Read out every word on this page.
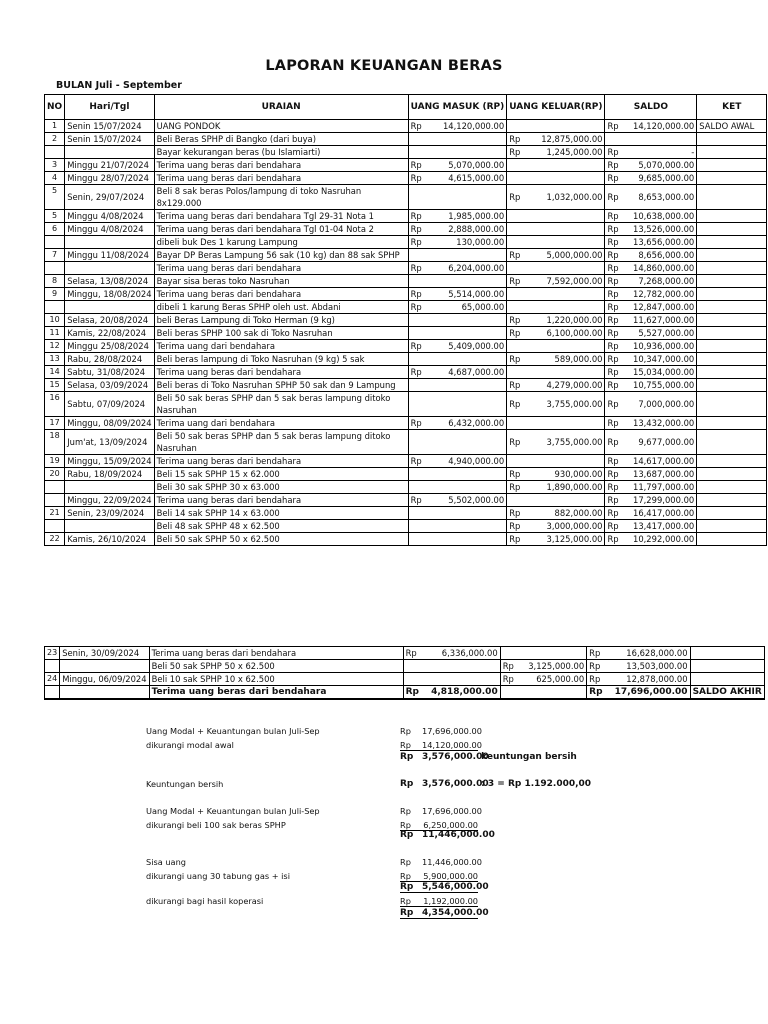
LAPORAN KEUANGAN BERAS
BULAN Juli - September
NO	Hari/Tgl	URAIAN	UANG MASUK (RP)		UANG KELUAR(RP)		SALDO		KET
1	Senin 15/07/2024	UANG PONDOK	Rp	14,120,000.00			Rp	14,120,000.00	SALDO AWAL
2	Senin 15/07/2024	Beli Beras SPHP di Bangko (dari buya)			Rp	12,875,000.00			
		Bayar kekurangan beras (bu Islamiarti)			Rp	1,245,000.00	Rp	-	
3	Minggu 21/07/2024	Terima uang beras dari bendahara	Rp	5,070,000.00			Rp	5,070,000.00	
4	Minggu 28/07/2024	Terima uang beras dari bendahara	Rp	4,615,000.00			Rp	9,685,000.00	
5	Senin, 29/07/2024	Beli 8 sak beras Polos/lampung di toko Nasruhan 8x129.000			Rp	1,032,000.00	Rp	8,653,000.00	
5	Minggu 4/08/2024	Terima uang beras dari bendahara Tgl 29-31 Nota 1	Rp	1,985,000.00			Rp	10,638,000.00	
6	Minggu 4/08/2024	Terima uang beras dari bendahara Tgl 01-04 Nota 2	Rp	2,888,000.00			Rp	13,526,000.00	
		dibeli buk Des 1 karung Lampung	Rp	130,000.00			Rp	13,656,000.00	
7	Minggu 11/08/2024	Bayar DP Beras Lampung 56 sak (10 kg) dan 88 sak SPHP			Rp	5,000,000.00	Rp	8,656,000.00	
		Terima uang beras dari bendahara	Rp	6,204,000.00			Rp	14,860,000.00	
8	Selasa, 13/08/2024	Bayar sisa beras toko Nasruhan			Rp	7,592,000.00	Rp	7,268,000.00	
9	Minggu, 18/08/2024	Terima uang beras dari bendahara	Rp	5,514,000.00			Rp	12,782,000.00	
		dibeli 1 karung Beras SPHP oleh ust. Abdani	Rp	65,000.00			Rp	12,847,000.00	
10	Selasa, 20/08/2024	beli Beras Lampung di Toko Herman (9 kg)			Rp	1,220,000.00	Rp	11,627,000.00	
11	Kamis, 22/08/2024	Beli beras SPHP 100 sak di Toko Nasruhan			Rp	6,100,000.00	Rp	5,527,000.00	
12	Minggu 25/08/2024	Terima uang dari bendahara	Rp	5,409,000.00			Rp	10,936,000.00	
13	Rabu, 28/08/2024	Beli beras lampung di Toko Nasruhan (9 kg) 5 sak			Rp	589,000.00	Rp	10,347,000.00	
14	Sabtu, 31/08/2024	Terima uang beras dari bendahara	Rp	4,687,000.00			Rp	15,034,000.00	
15	Selasa, 03/09/2024	Beli beras di Toko Nasruhan SPHP 50 sak dan 9 Lampung			Rp	4,279,000.00	Rp	10,755,000.00	
16	Sabtu, 07/09/2024	Beli 50 sak beras SPHP dan 5 sak beras lampung ditoko Nasruhan			Rp	3,755,000.00	Rp	7,000,000.00	
17	Minggu, 08/09/2024	Terima uang dari bendahara	Rp	6,432,000.00			Rp	13,432,000.00	
18	Jum'at, 13/09/2024	Beli 50 sak beras SPHP dan 5 sak beras lampung ditoko Nasruhan			Rp	3,755,000.00	Rp	9,677,000.00	
19	Minggu, 15/09/2024	Terima uang beras dari bendahara	Rp	4,940,000.00			Rp	14,617,000.00	
20	Rabu, 18/09/2024	Beli 15 sak SPHP 15 x 62.000			Rp	930,000.00	Rp	13,687,000.00	
		Beli 30 sak SPHP 30 x 63.000			Rp	1,890,000.00	Rp	11,797,000.00	
	Minggu, 22/09/2024	Terima uang beras dari bendahara	Rp	5,502,000.00			Rp	17,299,000.00	
21	Senin, 23/09/2024	Beli 14 sak SPHP 14 x 63.000			Rp	882,000.00	Rp	16,417,000.00	
		Beli 48 sak SPHP 48 x 62.500			Rp	3,000,000.00	Rp	13,417,000.00	
22	Kamis, 26/10/2024	Beli 50 sak SPHP 50 x 62.500			Rp	3,125,000.00	Rp	10,292,000.00	
23	Senin, 30/09/2024	Terima uang beras dari bendahara	Rp	6,336,000.00			Rp	16,628,000.00	
		Beli 50 sak SPHP 50 x 62.500			Rp	3,125,000.00	Rp	13,503,000.00	
24	Minggu, 06/09/2024	Beli 10 sak SPHP 10 x 62.500			Rp	625,000.00	Rp	12,878,000.00	
		Terima uang beras dari bendahara	Rp	4,818,000.00			Rp	17,696,000.00	SALDO AKHIR
Uang Modal + Keuantungan bulan Juli-Sep	Rp 17,696,000.00
dikurangi modal awal	Rp 14,120,000.00
Rp 3,576,000.00 keuntungan bersih
Keuntungan bersih	Rp 3,576,000.00 : 3 = Rp 1.192.000,00
Uang Modal + Keuantungan bulan Juli-Sep	Rp 17,696,000.00
dikurangi beli 100 sak beras SPHP	Rp 6,250,000.00
Rp 11,446,000.00
Sisa uang	Rp 11,446,000.00
dikurangi uang 30 tabung gas + isi	Rp 5,900,000.00
Rp 5,546,000.00
dikurangi bagi hasil koperasi	Rp 1,192,000.00
Rp 4,354,000.00
